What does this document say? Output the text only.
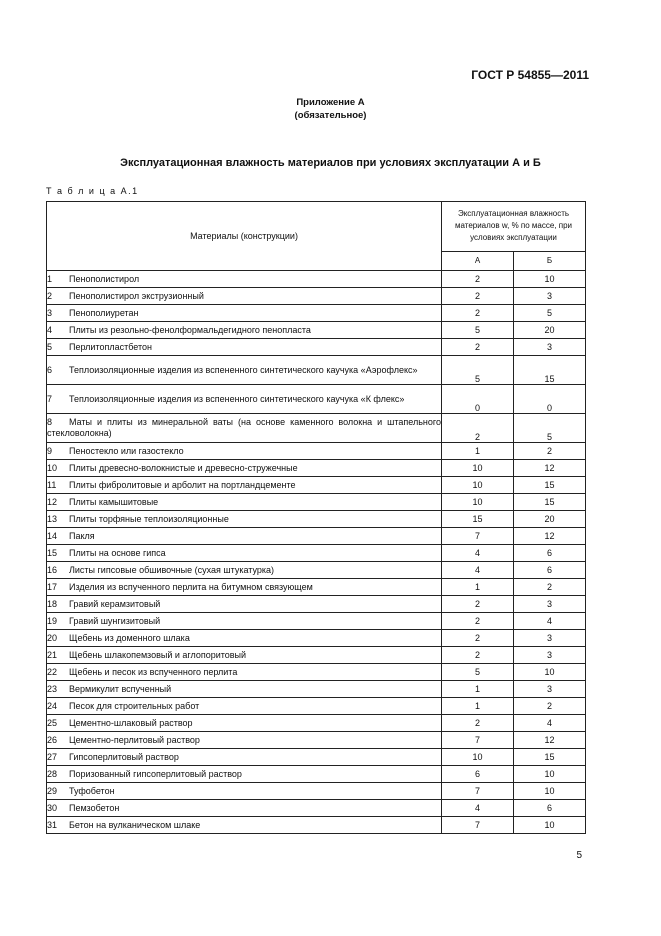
ГОСТ Р 54855—2011
Приложение А
(обязательное)
Эксплуатационная влажность материалов при условиях эксплуатации А и Б
Т а б л и ц а А.1
Материалы (конструкции)	Эксплуатационная влажность материалов w, % по массе, при условиях эксплуатации	
	А	Б
1 Пенополистирол	2	10
2 Пенополистирол экструзионный	2	3
3 Пенополиуретан	2	5
4 Плиты из резольно-фенолформальдегидного пенопласта	5	20
5 Перлитопластбетон	2	3
6 Теплоизоляционные изделия из вспененного синтетического каучука «Аэрофлекс»	5	15
7 Теплоизоляционные изделия из вспененного синтетического каучука «К флекс»	0	0
8 Маты и плиты из минеральной ваты (на основе каменного волокна и штапельного стекловолокна)	2	5
9 Пеностекло или газостекло	1	2
10 Плиты древесно-волокнистые и древесно-стружечные	10	12
11 Плиты фибролитовые и арболит на портландцементе	10	15
12 Плиты камышитовые	10	15
13 Плиты торфяные теплоизоляционные	15	20
14 Пакля	7	12
15 Плиты на основе гипса	4	6
16 Листы гипсовые обшивочные (сухая штукатурка)	4	6
17 Изделия из вспученного перлита на битумном связующем	1	2
18 Гравий керамзитовый	2	3
19 Гравий шунгизитовый	2	4
20 Щебень из доменного шлака	2	3
21 Щебень шлакопемзовый и аглопоритовый	2	3
22 Щебень и песок из вспученного перлита	5	10
23 Вермикулит вспученный	1	3
24 Песок для строительных работ	1	2
25 Цементно-шлаковый раствор	2	4
26 Цементно-перлитовый раствор	7	12
27 Гипсоперлитовый раствор	10	15
28 Поризованный гипсоперлитовый раствор	6	10
29 Туфобетон	7	10
30 Пемзобетон	4	6
31 Бетон на вулканическом шлаке	7	10
5
